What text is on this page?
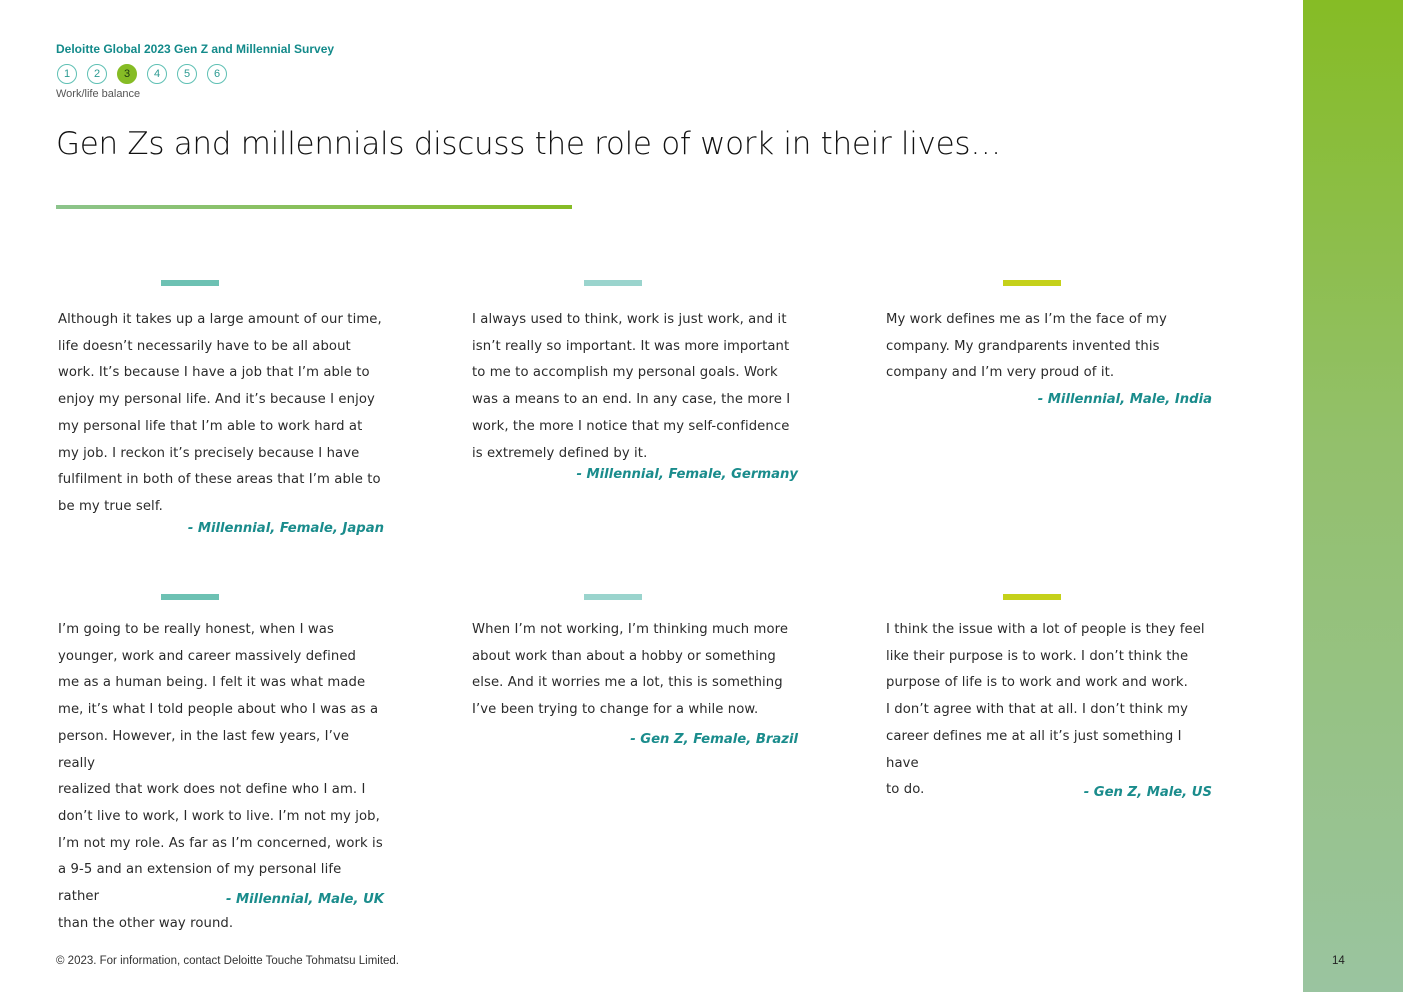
Deloitte Global 2023 Gen Z and Millennial Survey
1	2	3	4	5	6
Work/life balance
Gen Zs and millennials discuss the role of work in their lives…
Although it takes up a large amount of our time,
life doesn’t necessarily have to be all about
work. It’s because I have a job that I’m able to
enjoy my personal life. And it’s because I enjoy
my personal life that I’m able to work hard at
my job. I reckon it’s precisely because I have
fulfilment in both of these areas that I’m able to
be my true self.
- Millennial, Female, Japan
I always used to think, work is just work, and it
isn’t really so important. It was more important
to me to accomplish my personal goals. Work
was a means to an end. In any case, the more I
work, the more I notice that my self-confidence
is extremely defined by it.
- Millennial, Female, Germany
My work defines me as I’m the face of my
company. My grandparents invented this
company and I’m very proud of it.
- Millennial, Male, India
I’m going to be really honest, when I was
younger, work and career massively defined
me as a human being. I felt it was what made
me, it’s what I told people about who I was as a
person. However, in the last few years, I’ve really
realized that work does not define who I am. I
don’t live to work, I work to live. I’m not my job,
I’m not my role. As far as I’m concerned, work is
a 9-5 and an extension of my personal life rather
than the other way round.
- Millennial, Male, UK
When I’m not working, I’m thinking much more
about work than about a hobby or something
else. And it worries me a lot, this is something
I’ve been trying to change for a while now.
- Gen Z, Female, Brazil
I think the issue with a lot of people is they feel
like their purpose is to work. I don’t think the
purpose of life is to work and work and work.
I don’t agree with that at all. I don’t think my
career defines me at all it’s just something I have
to do.	- Gen Z, Male, US
© 2023. For information, contact Deloitte Touche Tohmatsu Limited.	14
